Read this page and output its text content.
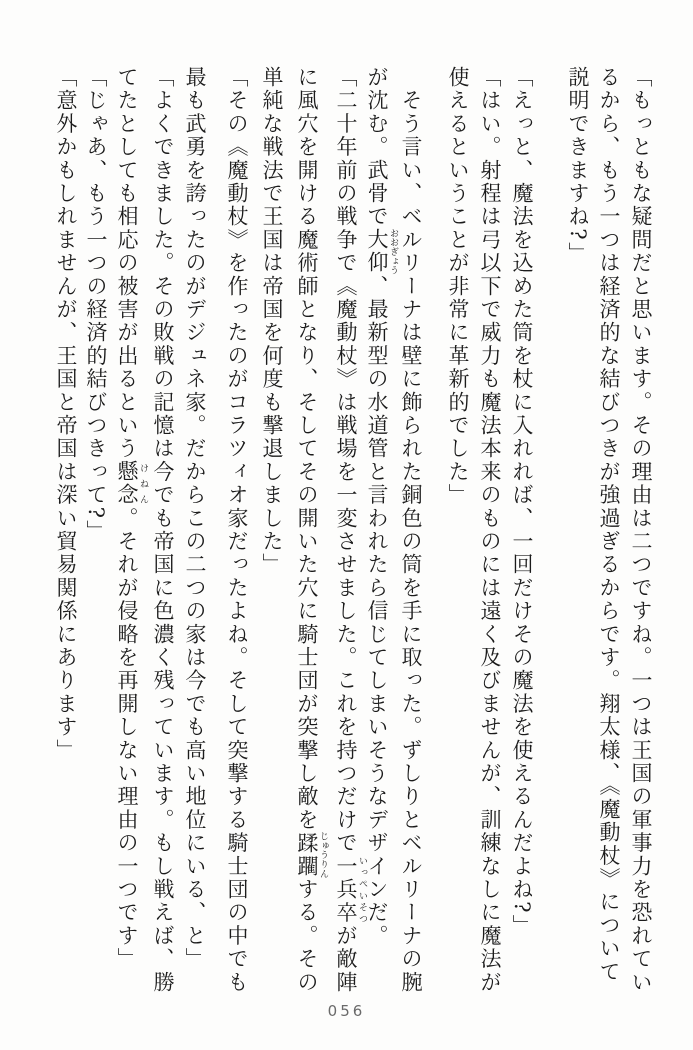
「もっともな疑問だと思います。その理由は二つですね。一つは王国の軍事力を恐れてい
るから、もう一つは経済的な結びつきが強過ぎるからです。翔太様、《魔動杖》について
説明できますね?」
「えっと、魔法を込めた筒を杖に入れれば、一回だけその魔法を使えるんだよね?」
「はい。射程は弓以下で威力も魔法本来のものには遠く及びませんが、訓練なしに魔法が
使えるということが非常に革新的でした」
　そう言い、ベルリーナは壁に飾られた銅色の筒を手に取った。ずしりとベルリーナの腕
が沈む。武骨で大仰 おおぎょう、最新型の水道管と言われたら信じてしまいそうなデザインだ。
「二十年前の戦争で《魔動杖》は戦場を一変させました。これを持つだけで一兵卒 いっぺいそつが敵陣
に風穴を開ける魔術師となり、そしてその開いた穴に騎士団が突撃し敵を蹂躙 じゅうりんする。その
単純な戦法で王国は帝国を何度も撃退しました」
「その《魔動杖》を作ったのがコラツィオ家だったよね。そして突撃する騎士団の中でも
最も武勇を誇ったのがデジュネ家。だからこの二つの家は今でも高い地位にいる、と」
「よくできました。その敗戦の記憶は今でも帝国に色濃く残っています。もし戦えば、勝
てたとしても相応の被害が出るという懸念 けねん。それが侵略を再開しない理由の一つです」
「じゃあ、もう一つの経済的結びつきって?」
「意外かもしれませんが、王国と帝国は深い貿易関係にあります」
056
